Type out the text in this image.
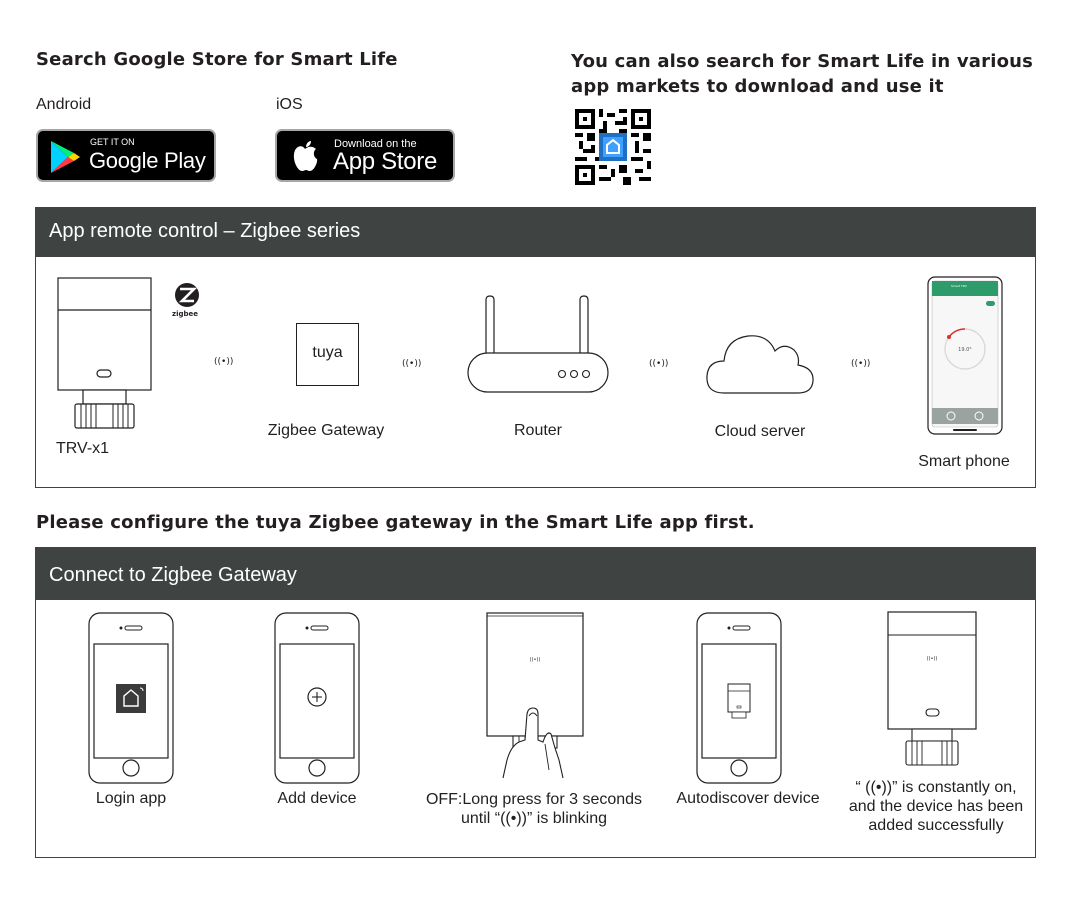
Search Google Store for Smart Life
Android	iOS
GET IT ON
Google Play
Download on the
App Store
You can also search for Smart Life in various
app markets to download and use it
App remote control – Zigbee series
TRV-x1
zigbee
((•))
tuya
Zigbee Gateway
((•))
Router
((•))
Cloud server
((•))
19.0°
Smart TRV
Smart phone
Please configure the tuya Zigbee gateway in the Smart Life app first.
Connect to Zigbee Gateway
Login app	Add device
((•))
OFF:Long press for 3 seconds
until “((•))” is blinking
Autodiscover device
((•))
“ ((•))” is constantly on,
and the device has been
added successfully
